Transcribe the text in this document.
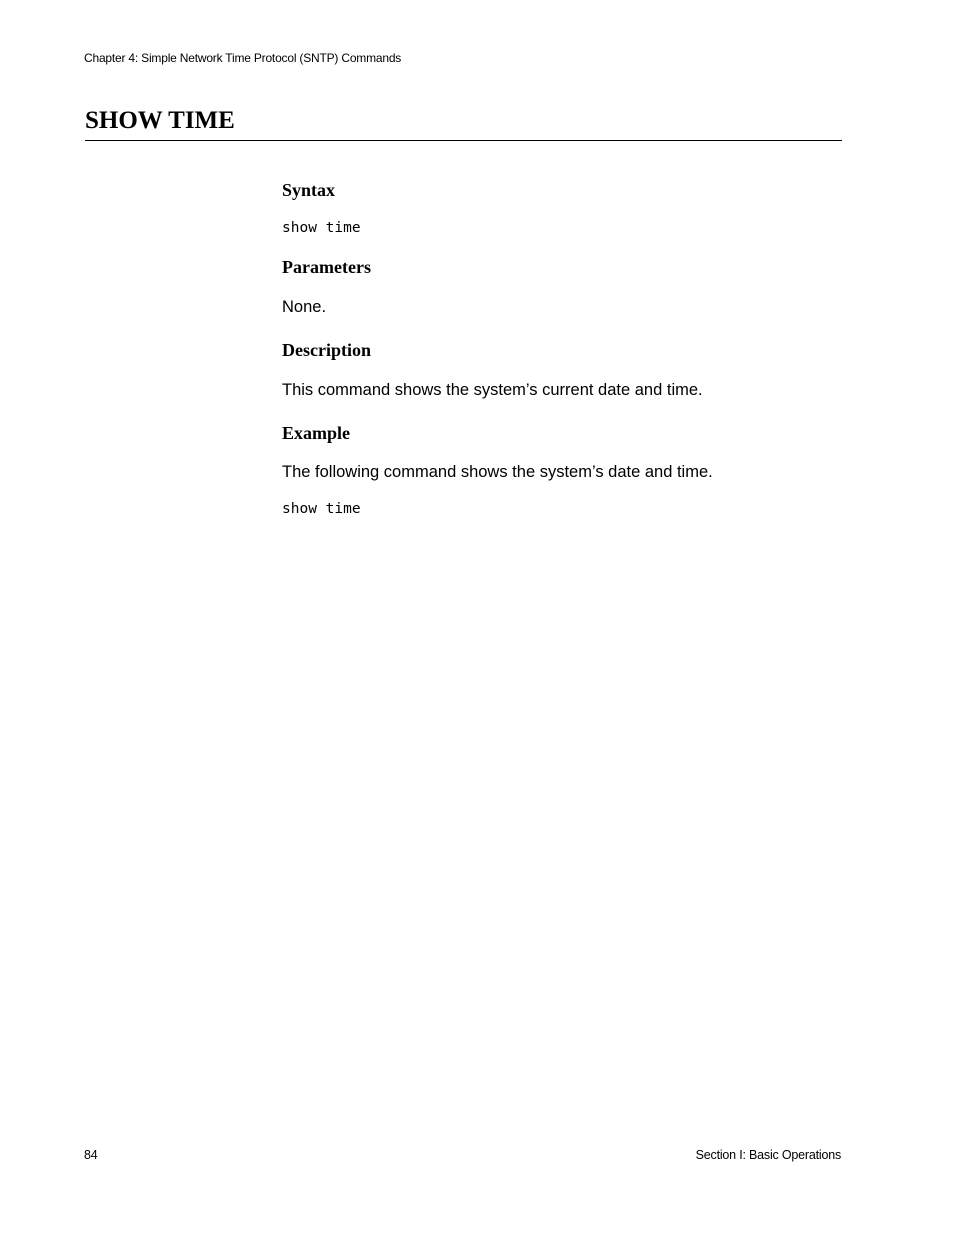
Chapter 4: Simple Network Time Protocol (SNTP) Commands
SHOW TIME
Syntax
show time
Parameters

None.

Description

This command shows the system’s current date and time.

Example

The following command shows the system’s date and time.

show time
84	Section I: Basic Operations
